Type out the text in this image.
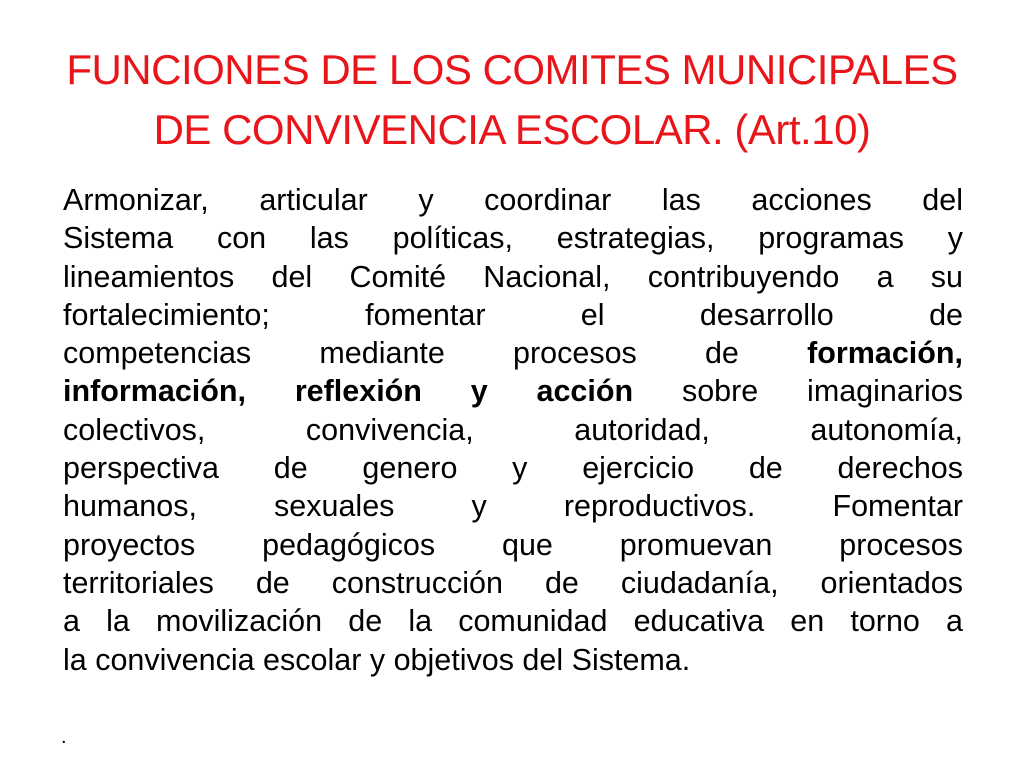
FUNCIONES DE LOS COMITES MUNICIPALES
DE CONVIVENCIA ESCOLAR. (Art.10)
Armonizar, articular y coordinar las acciones del
Sistema con las políticas, estrategias, programas y
lineamientos del Comité Nacional, contribuyendo a su
fortalecimiento; fomentar el desarrollo de
competencias mediante procesos de formación,
información, reflexión y acción sobre imaginarios
colectivos, convivencia, autoridad, autonomía,
perspectiva de genero y ejercicio de derechos
humanos, sexuales y reproductivos. Fomentar
proyectos pedagógicos que promuevan procesos
territoriales de construcción de ciudadanía, orientados
a la movilización de la comunidad educativa en torno a
la convivencia escolar y objetivos del Sistema.
.
